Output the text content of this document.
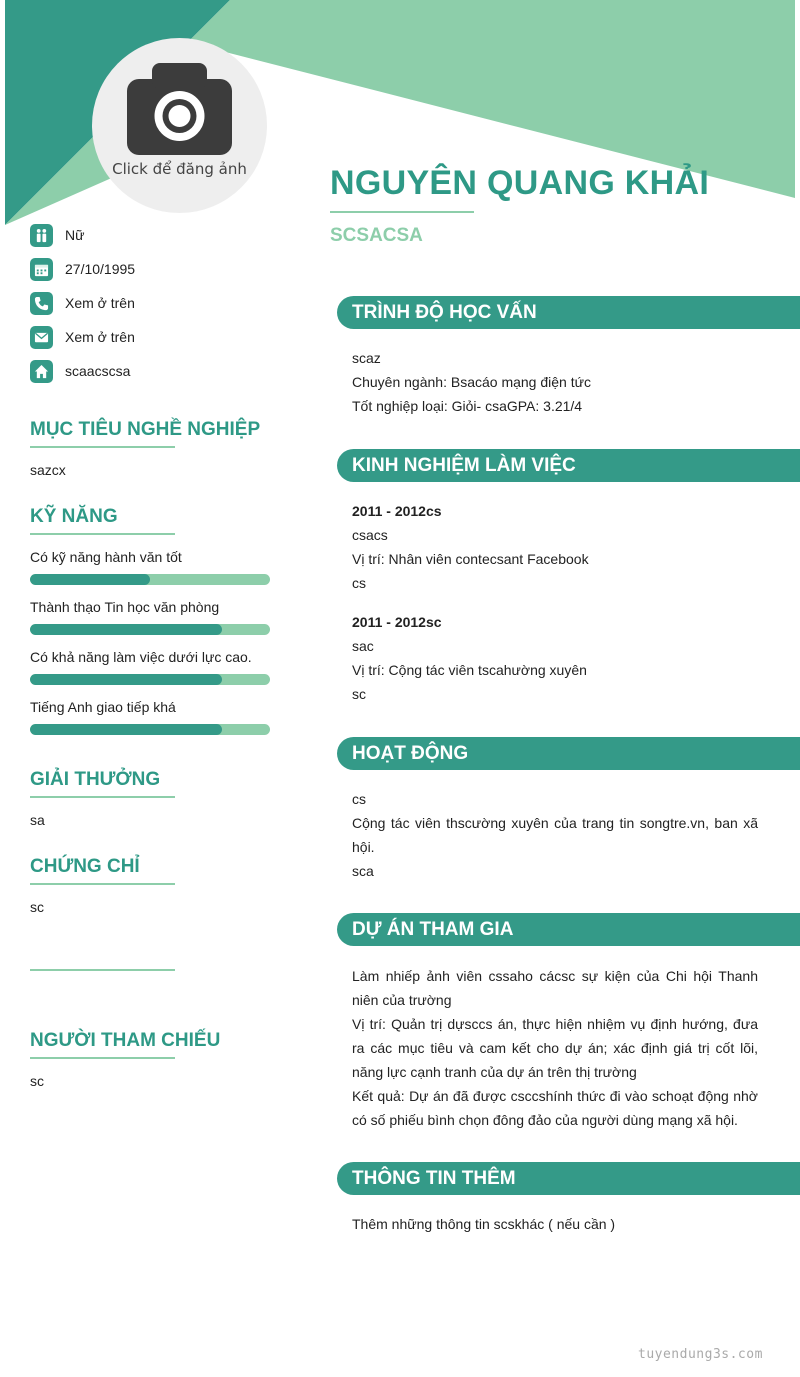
Click để đăng ảnh	NGUYÊN QUANG KHẢI
SCSACSA
Nữ
27/10/1995
Xem ở trên
Xem ở trên
scaacscsa
MỤC TIÊU NGHỀ NGHIỆP
sazcx
KỸ NĂNG
Có kỹ năng hành văn tốt
Thành thạo Tin học văn phòng
Có khả năng làm việc dưới lực cao.
Tiếng Anh giao tiếp khá
GIẢI THƯỞNG
sa
CHỨNG CHỈ
sc
NGƯỜI THAM CHIẾU
sc
TRÌNH ĐỘ HỌC VẤN
scaz
Chuyên ngành: Bsacáo mạng điện tức
Tốt nghiệp loại: Giỏi- csaGPA: 3.21/4
KINH NGHIỆM LÀM VIỆC
2011 - 2012cs
csacs
Vị trí: Nhân viên contecsant Facebook
cs
2011 - 2012sc
sac
Vị trí: Cộng tác viên tscahường xuyên
sc
HOẠT ĐỘNG
cs
Cộng tác viên thscường xuyên của trang tin songtre.vn, ban xã hội.
sca
DỰ ÁN THAM GIA
Làm nhiếp ảnh viên cssaho cácsc sự kiện của Chi hội Thanh niên của trường
Vị trí: Quản trị dựsccs án, thực hiện nhiệm vụ định hướng, đưa ra các mục tiêu và cam kết cho dự án; xác định giá trị cốt lõi, năng lực cạnh tranh của dự án trên thị trường
Kết quả: Dự án đã được csccshính thức đi vào schoạt động nhờ có số phiếu bình chọn đông đảo của người dùng mạng xã hội.
THÔNG TIN THÊM
Thêm những thông tin scskhác ( nếu cần )
tuyendung3s.com
